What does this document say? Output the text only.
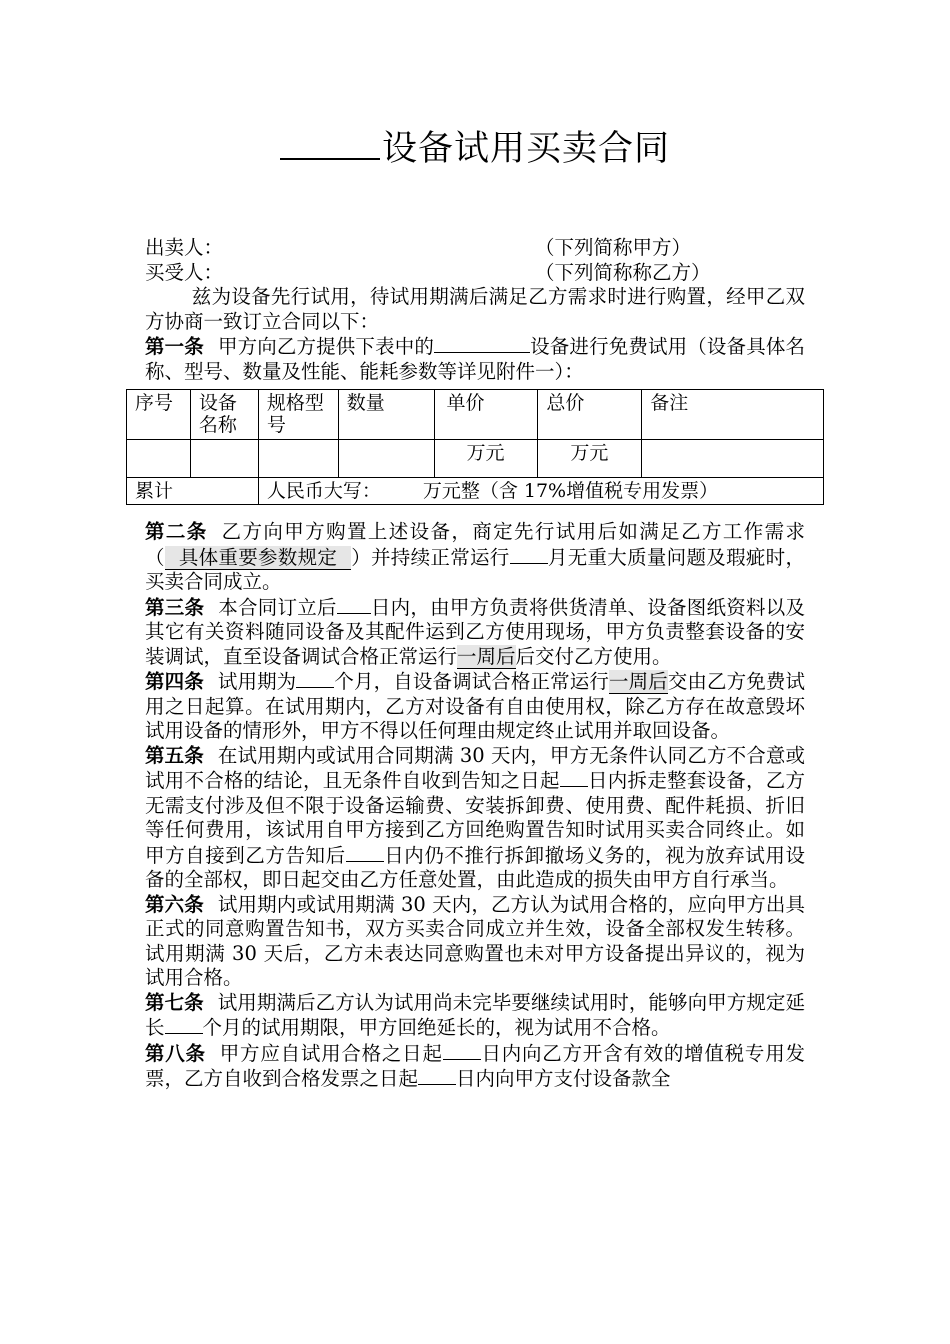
设备试用买卖合同
出卖人：	（下列简称甲方）
买受人：	（下列简称称乙方）
兹为设备先行试用，待试用期满后满足乙方需求时进行购置，经甲乙双方协商一致订立合同以下：
第一条 甲方向乙方提供下表中的	设备进行免费试用（设备具体名称、型号、数量及性能、能耗参数等详见附件一）：
第二条 乙方向甲方购置上述设备，商定先行试用后如满足乙方工作需求（ 具体重要参数规定 ）并持续正常运行 月无重大质量问题及瑕疵时，买卖合同成立。
第三条 本合同订立后 日内，由甲方负责将供货清单、设备图纸资料以及其它有关资料随同设备及其配件运到乙方使用现场，甲方负责整套设备的安装调试，直至设备调试合格正常运行一周后后交付乙方使用。
第四条 试用期为 个月，自设备调试合格正常运行一周后交由乙方免费试用之日起算。在试用期内，乙方对设备有自由使用权，除乙方存在故意毁坏试用设备的情形外，甲方不得以任何理由规定终止试用并取回设备。
第五条 在试用期内或试用合同期满 30 天内，甲方无条件认同乙方不合意或试用不合格的结论，且无条件自收到告知之日起 日内拆走整套设备，乙方无需支付涉及但不限于设备运输费、安装拆卸费、使用费、配件耗损、折旧等任何费用，该试用自甲方接到乙方回绝购置告知时试用买卖合同终止。如甲方自接到乙方告知后 日内仍不推行拆卸撤场义务的，视为放弃试用设备的全部权，即日起交由乙方任意处置，由此造成的损失由甲方自行承当。
第六条 试用期内或试用期满 30 天内，乙方认为试用合格的，应向甲方出具正式的同意购置告知书，双方买卖合同成立并生效，设备全部权发生转移。试用期满 30 天后，乙方未表达同意购置也未对甲方设备提出异议的，视为试用合格。
第七条 试用期满后乙方认为试用尚未完毕要继续试用时，能够向甲方规定延长 个月的试用期限，甲方回绝延长的，视为试用不合格。
第八条 甲方应自试用合格之日起 日内向乙方开含有效的增值税专用发票，乙方自收到合格发票之日起 日内向甲方支付设备款全
序号	设备名称	规格型号	数量	单价	总价	备注
				万元	万元	
累计		人民币大写： 万元整（含 17%增值税专用发票）				
